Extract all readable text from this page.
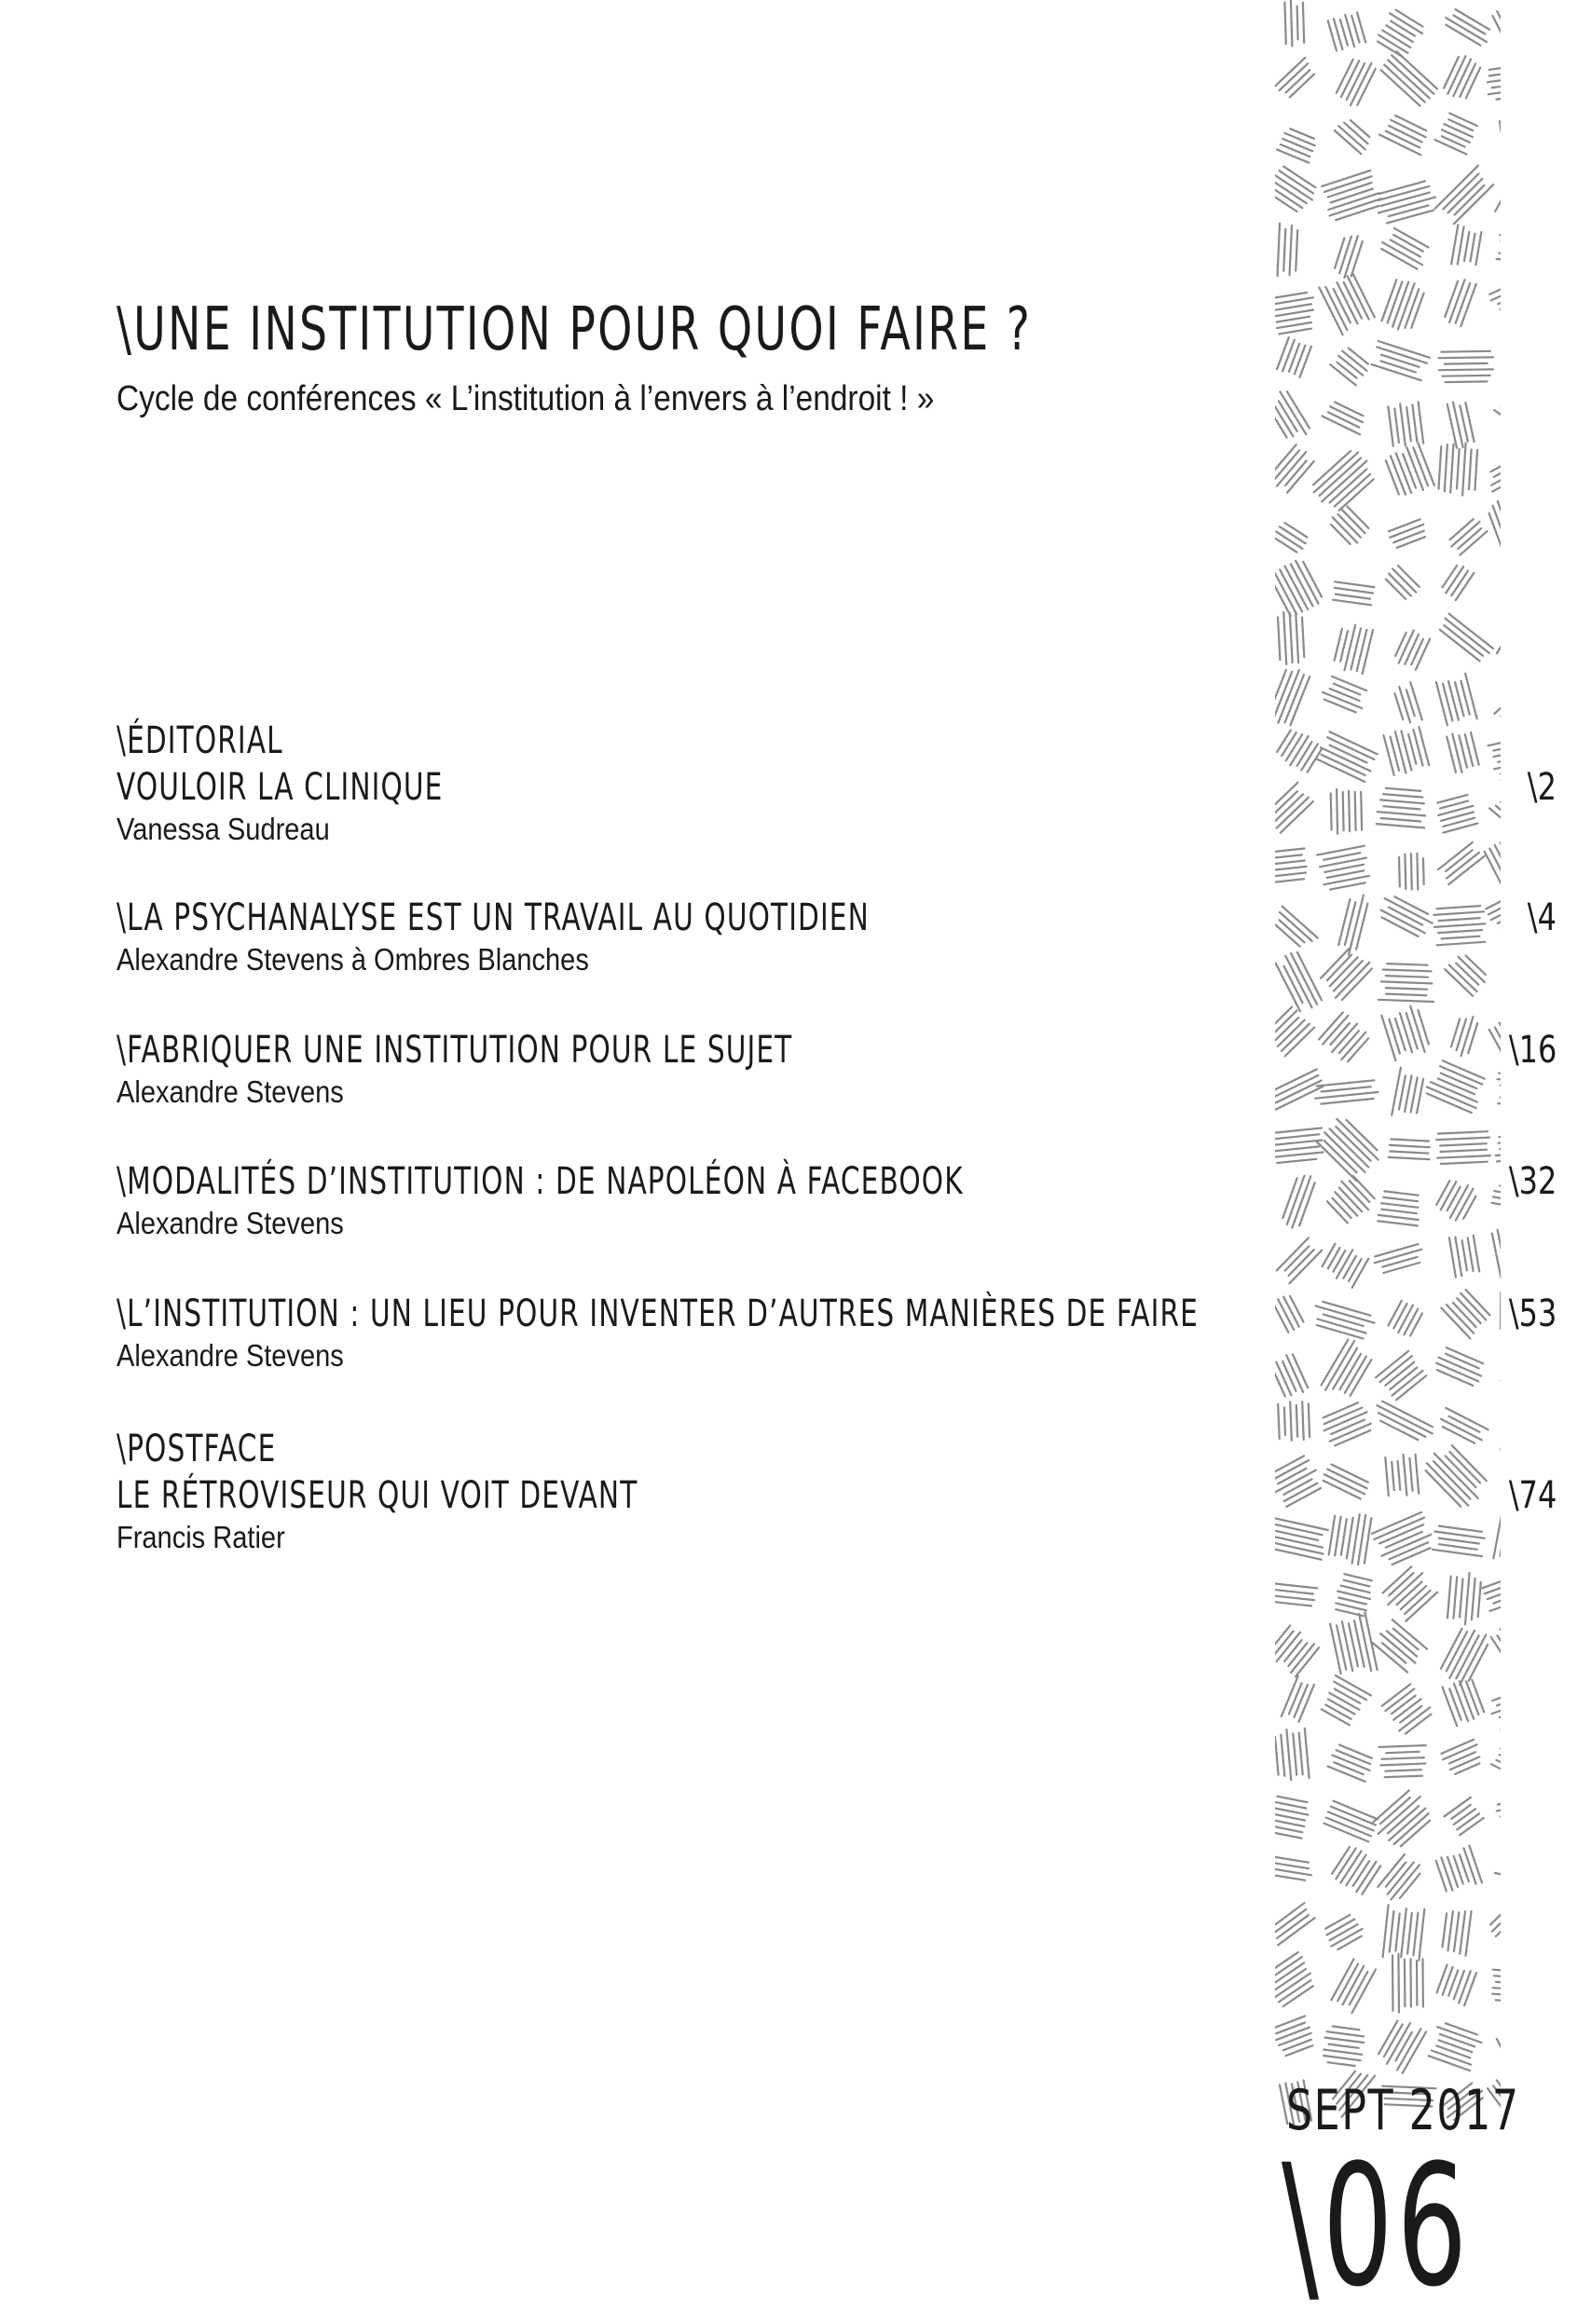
\UNE INSTITUTION POUR QUOI FAIRE ?
Cycle de conférences « L’institution à l’envers à l’endroit ! »
\ÉDITORIAL
VOULOIR LA CLINIQUE
Vanessa Sudreau
\2
\LA PSYCHANALYSE EST UN TRAVAIL AU QUOTIDIEN
Alexandre Stevens à Ombres Blanches
\4
\FABRIQUER UNE INSTITUTION POUR LE SUJET
Alexandre Stevens
\16
\MODALITÉS D’INSTITUTION : DE NAPOLÉON À FACEBOOK
Alexandre Stevens
\32
\L’INSTITUTION : UN LIEU POUR INVENTER D’AUTRES MANIÈRES DE FAIRE
Alexandre Stevens
\53
\POSTFACE
LE RÉTROVISEUR QUI VOIT DEVANT
Francis Ratier
\74
SEPT 2017
\06
